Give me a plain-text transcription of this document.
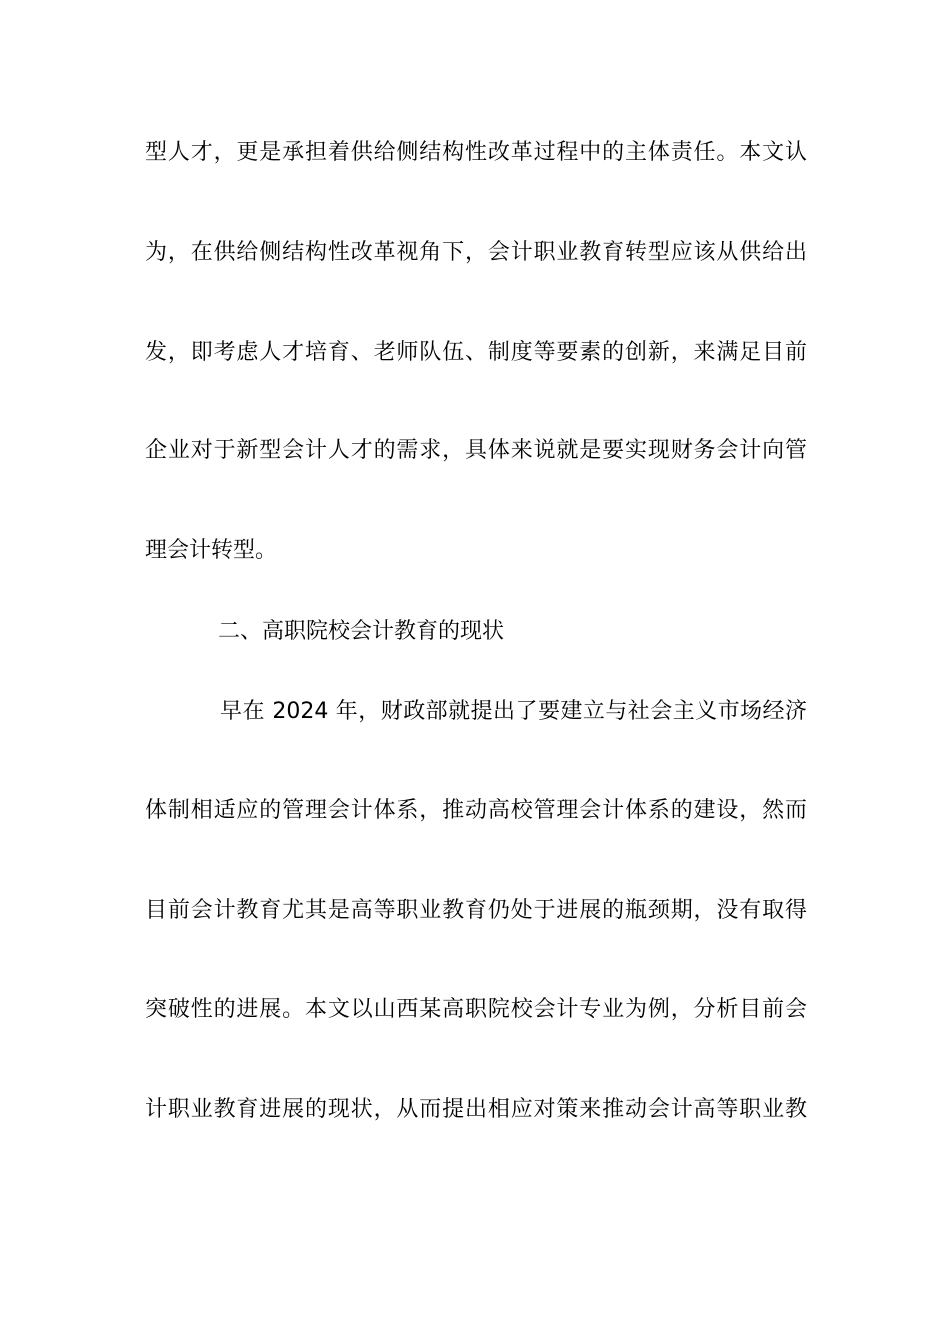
型人才，更是承担着供给侧结构性改革过程中的主体责任。本文认
为，在供给侧结构性改革视角下，会计职业教育转型应该从供给出
发，即考虑人才培育、老师队伍、制度等要素的创新，来满足目前
企业对于新型会计人才的需求，具体来说就是要实现财务会计向管
理会计转型。
二、高职院校会计教育的现状
早在 2024 年，财政部就提出了要建立与社会主义市场经济
体制相适应的管理会计体系，推动高校管理会计体系的建设，然而
目前会计教育尤其是高等职业教育仍处于进展的瓶颈期，没有取得
突破性的进展。本文以山西某高职院校会计专业为例，分析目前会
计职业教育进展的现状，从而提出相应对策来推动会计高等职业教
